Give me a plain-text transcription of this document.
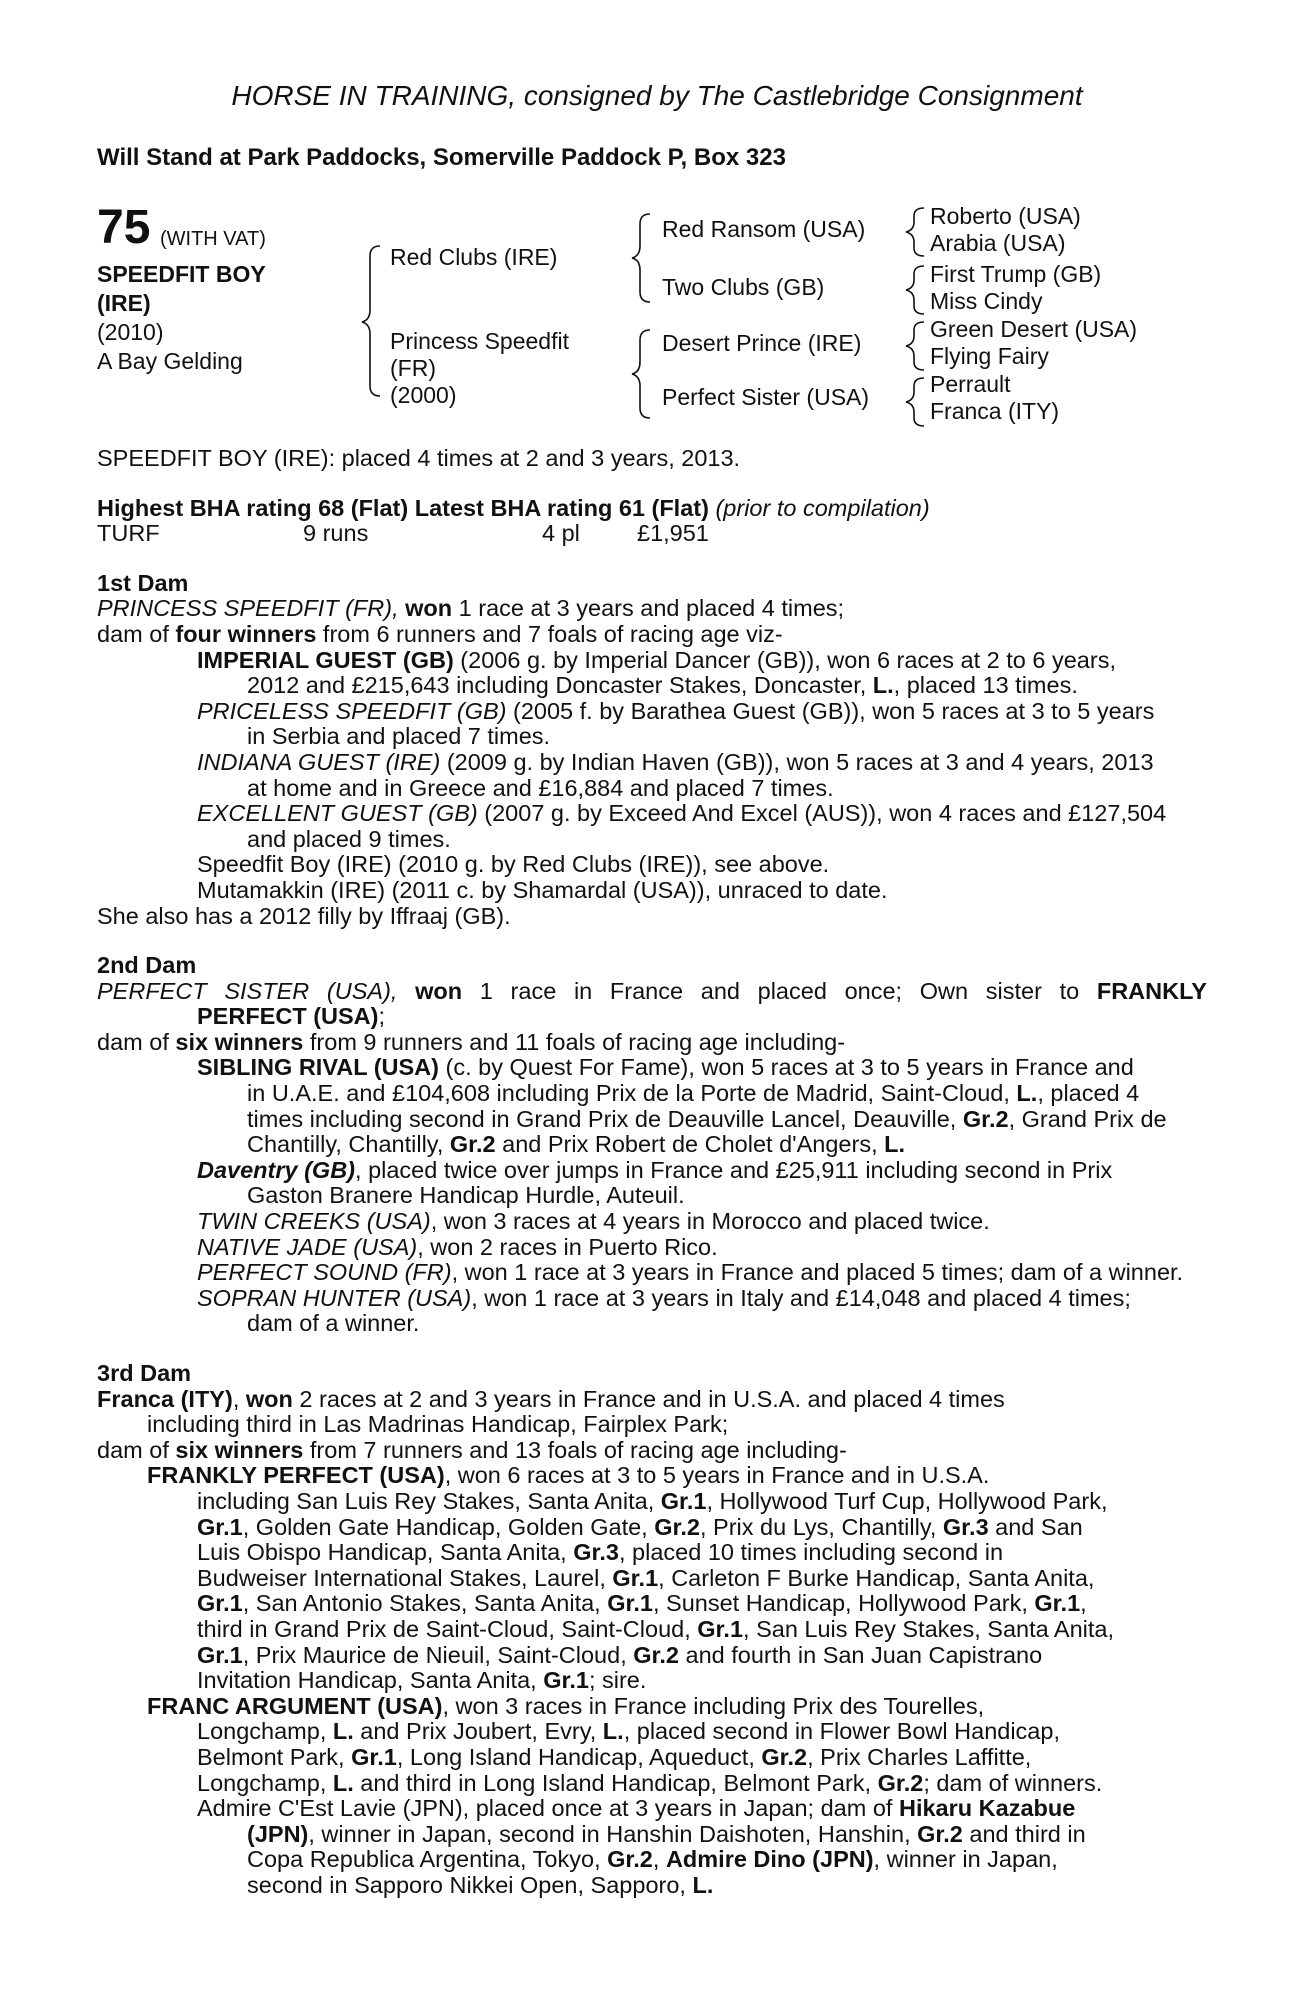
HORSE IN TRAINING, consigned by The Castlebridge Consignment
Will Stand at Park Paddocks, Somerville Paddock P, Box 323
75 (WITH VAT)
SPEEDFIT BOY
(IRE)
(2010)
A Bay Gelding
Red Clubs (IRE)
Princess Speedfit
(FR)
(2000)
Red Ransom (USA)
Two Clubs (GB)
Desert Prince (IRE)
Perfect Sister (USA)
Roberto (USA)
Arabia (USA)
First Trump (GB)
Miss Cindy
Green Desert (USA)
Flying Fairy
Perrault
Franca (ITY)
SPEEDFIT BOY (IRE): placed 4 times at 2 and 3 years, 2013.
Highest BHA rating 68 (Flat) Latest BHA rating 61 (Flat) (prior to compilation)
TURF	9 runs	4 pl £1,951
1st Dam
PRINCESS SPEEDFIT (FR), won 1 race at 3 years and placed 4 times;
dam of four winners from 6 runners and 7 foals of racing age viz-
IMPERIAL GUEST (GB) (2006 g. by Imperial Dancer (GB)), won 6 races at 2 to 6 years,
2012 and £215,643 including Doncaster Stakes, Doncaster, L., placed 13 times.
PRICELESS SPEEDFIT (GB) (2005 f. by Barathea Guest (GB)), won 5 races at 3 to 5 years
in Serbia and placed 7 times.
INDIANA GUEST (IRE) (2009 g. by Indian Haven (GB)), won 5 races at 3 and 4 years, 2013
at home and in Greece and £16,884 and placed 7 times.
EXCELLENT GUEST (GB) (2007 g. by Exceed And Excel (AUS)), won 4 races and £127,504
and placed 9 times.
Speedfit Boy (IRE) (2010 g. by Red Clubs (IRE)), see above.
Mutamakkin (IRE) (2011 c. by Shamardal (USA)), unraced to date.
She also has a 2012 filly by Iffraaj (GB).
2nd Dam
PERFECT SISTER (USA), won 1 race in France and placed once; Own sister to FRANKLY
PERFECT (USA);
dam of six winners from 9 runners and 11 foals of racing age including-
SIBLING RIVAL (USA) (c. by Quest For Fame), won 5 races at 3 to 5 years in France and
in U.A.E. and £104,608 including Prix de la Porte de Madrid, Saint-Cloud, L., placed 4
times including second in Grand Prix de Deauville Lancel, Deauville, Gr.2, Grand Prix de
Chantilly, Chantilly, Gr.2 and Prix Robert de Cholet d'Angers, L.
Daventry (GB), placed twice over jumps in France and £25,911 including second in Prix
Gaston Branere Handicap Hurdle, Auteuil.
TWIN CREEKS (USA), won 3 races at 4 years in Morocco and placed twice.
NATIVE JADE (USA), won 2 races in Puerto Rico.
PERFECT SOUND (FR), won 1 race at 3 years in France and placed 5 times; dam of a winner.
SOPRAN HUNTER (USA), won 1 race at 3 years in Italy and £14,048 and placed 4 times;
dam of a winner.
3rd Dam
Franca (ITY), won 2 races at 2 and 3 years in France and in U.S.A. and placed 4 times
including third in Las Madrinas Handicap, Fairplex Park;
dam of six winners from 7 runners and 13 foals of racing age including-
FRANKLY PERFECT (USA), won 6 races at 3 to 5 years in France and in U.S.A.
including San Luis Rey Stakes, Santa Anita, Gr.1, Hollywood Turf Cup, Hollywood Park,
Gr.1, Golden Gate Handicap, Golden Gate, Gr.2, Prix du Lys, Chantilly, Gr.3 and San
Luis Obispo Handicap, Santa Anita, Gr.3, placed 10 times including second in
Budweiser International Stakes, Laurel, Gr.1, Carleton F Burke Handicap, Santa Anita,
Gr.1, San Antonio Stakes, Santa Anita, Gr.1, Sunset Handicap, Hollywood Park, Gr.1,
third in Grand Prix de Saint-Cloud, Saint-Cloud, Gr.1, San Luis Rey Stakes, Santa Anita,
Gr.1, Prix Maurice de Nieuil, Saint-Cloud, Gr.2 and fourth in San Juan Capistrano
Invitation Handicap, Santa Anita, Gr.1; sire.
FRANC ARGUMENT (USA), won 3 races in France including Prix des Tourelles,
Longchamp, L. and Prix Joubert, Evry, L., placed second in Flower Bowl Handicap,
Belmont Park, Gr.1, Long Island Handicap, Aqueduct, Gr.2, Prix Charles Laffitte,
Longchamp, L. and third in Long Island Handicap, Belmont Park, Gr.2; dam of winners.
Admire C'Est Lavie (JPN), placed once at 3 years in Japan; dam of Hikaru Kazabue
(JPN), winner in Japan, second in Hanshin Daishoten, Hanshin, Gr.2 and third in
Copa Republica Argentina, Tokyo, Gr.2, Admire Dino (JPN), winner in Japan,
second in Sapporo Nikkei Open, Sapporo, L.
